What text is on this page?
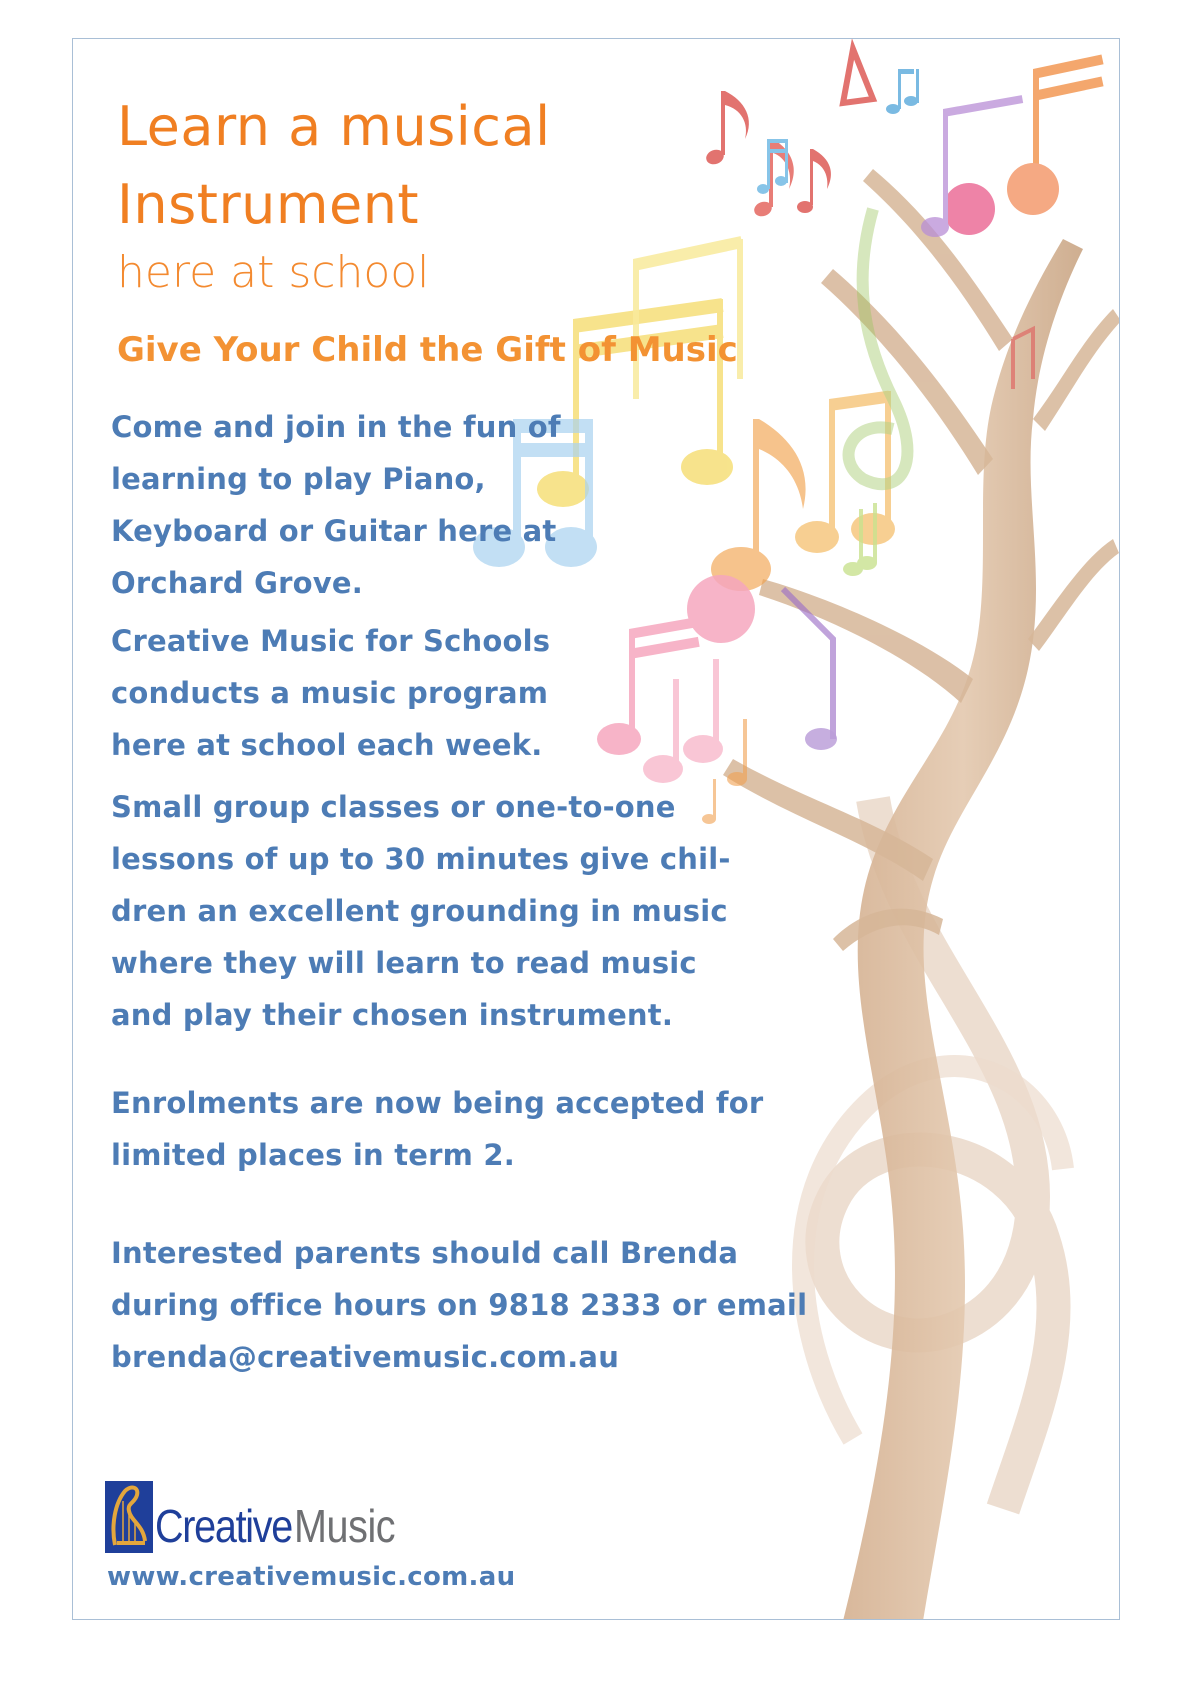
Learn a musical
Instrument
here at school
Give Your Child the Gift of Music

Come and join in the fun of
learning to play Piano,
Keyboard or Guitar here at
Orchard Grove.

Creative Music for Schools
conducts a music program
here at school each week.

Small group classes or one-to-one
lessons of up to 30 minutes give chil-
dren an excellent grounding in music
where they will learn to read music
and play their chosen instrument.

Enrolments are now being accepted for
limited places in term 2.

Interested parents should call Brenda
during office hours on 9818 2333 or email
brenda@creativemusic.com.au

Creative Music

www.creativemusic.com.au
